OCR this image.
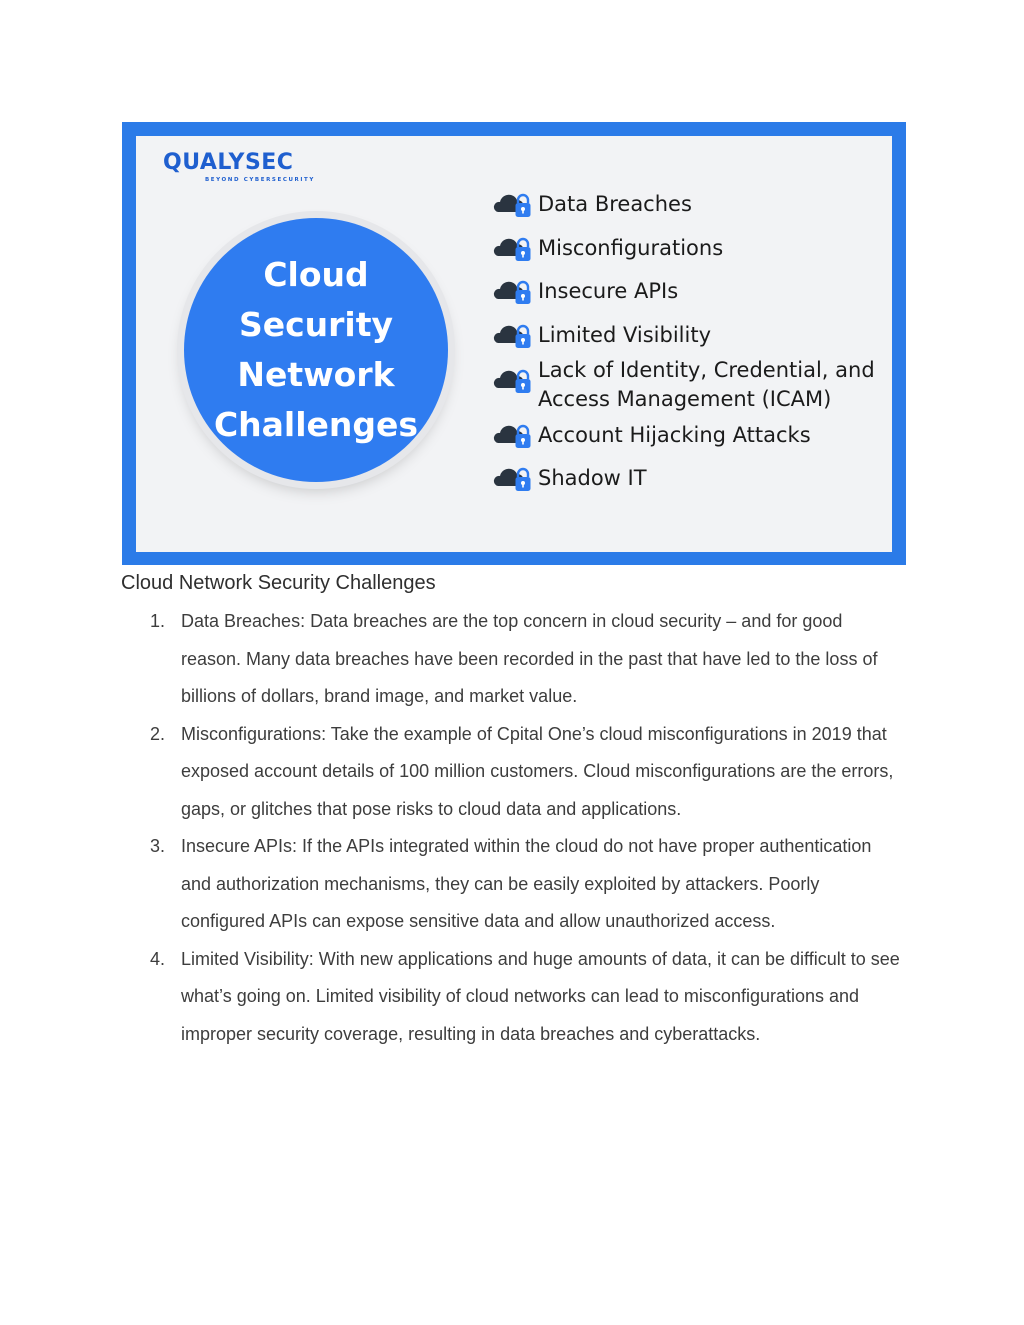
QUALYSEC
BEYOND CYBERSECURITY

Cloud
Security
Network
Challenges

Data Breaches
Misconfigurations
Insecure APIs
Limited Visibility
Lack of Identity, Credential, and
Access Management (ICAM)
Account Hijacking Attacks
Shadow IT
Cloud Network Security Challenges
1. Data Breaches: Data breaches are the top concern in cloud security – and for good reason. Many data breaches have been recorded in the past that have led to the loss of billions of dollars, brand image, and market value.
2. Misconfigurations: Take the example of Cpital One’s cloud misconfigurations in 2019 that exposed account details of 100 million customers. Cloud misconfigurations are the errors, gaps, or glitches that pose risks to cloud data and applications.
3. Insecure APIs: If the APIs integrated within the cloud do not have proper authentication and authorization mechanisms, they can be easily exploited by attackers. Poorly configured APIs can expose sensitive data and allow unauthorized access.
4. Limited Visibility: With new applications and huge amounts of data, it can be difficult to see what’s going on. Limited visibility of cloud networks can lead to misconfigurations and improper security coverage, resulting in data breaches and cyberattacks.
